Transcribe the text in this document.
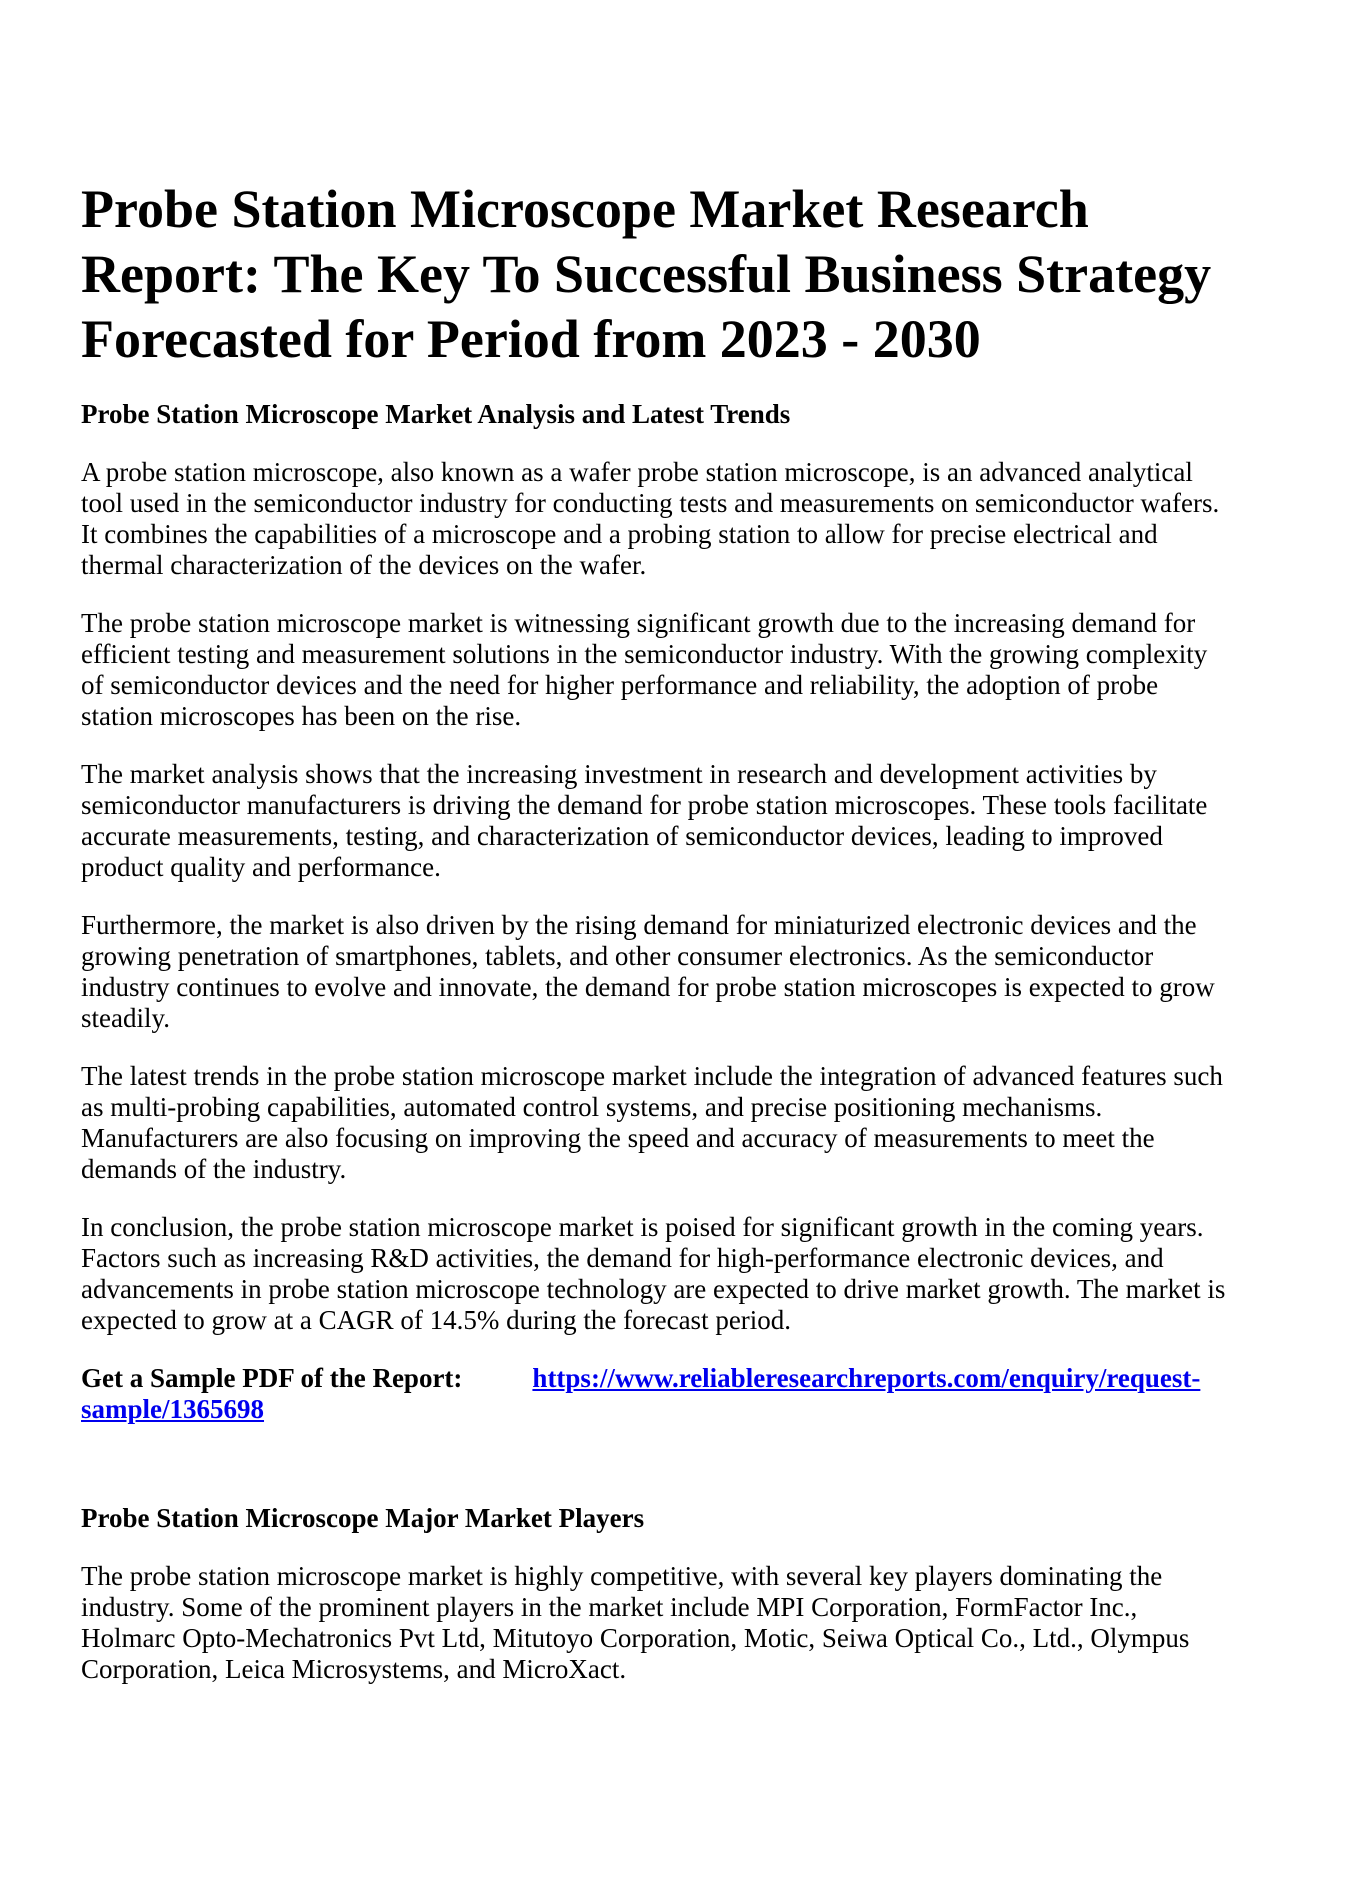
Probe Station Microscope Market Research Report: The Key To Successful Business Strategy Forecasted for Period from 2023 - 2030
Probe Station Microscope Market Analysis and Latest Trends

A probe station microscope, also known as a wafer probe station microscope, is an advanced analytical tool used in the semiconductor industry for conducting tests and measurements on semiconductor wafers. It combines the capabilities of a microscope and a probing station to allow for precise electrical and thermal characterization of the devices on the wafer.

The probe station microscope market is witnessing significant growth due to the increasing demand for efficient testing and measurement solutions in the semiconductor industry. With the growing complexity of semiconductor devices and the need for higher performance and reliability, the adoption of probe station microscopes has been on the rise.

The market analysis shows that the increasing investment in research and development activities by semiconductor manufacturers is driving the demand for probe station microscopes. These tools facilitate accurate measurements, testing, and characterization of semiconductor devices, leading to improved product quality and performance.

Furthermore, the market is also driven by the rising demand for miniaturized electronic devices and the growing penetration of smartphones, tablets, and other consumer electronics. As the semiconductor industry continues to evolve and innovate, the demand for probe station microscopes is expected to grow steadily.

The latest trends in the probe station microscope market include the integration of advanced features such as multi-probing capabilities, automated control systems, and precise positioning mechanisms. Manufacturers are also focusing on improving the speed and accuracy of measurements to meet the demands of the industry.

In conclusion, the probe station microscope market is poised for significant growth in the coming years. Factors such as increasing R&D activities, the demand for high-performance electronic devices, and advancements in probe station microscope technology are expected to drive market growth. The market is expected to grow at a CAGR of 14.5% during the forecast period.

Get a Sample PDF of the Report:	https://www.reliableresearchreports.com/enquiry/request-sample/1365698

Probe Station Microscope Major Market Players

The probe station microscope market is highly competitive, with several key players dominating the industry. Some of the prominent players in the market include MPI Corporation, FormFactor Inc., Holmarc Opto-Mechatronics Pvt Ltd, Mitutoyo Corporation, Motic, Seiwa Optical Co., Ltd., Olympus Corporation, Leica Microsystems, and MicroXact.
